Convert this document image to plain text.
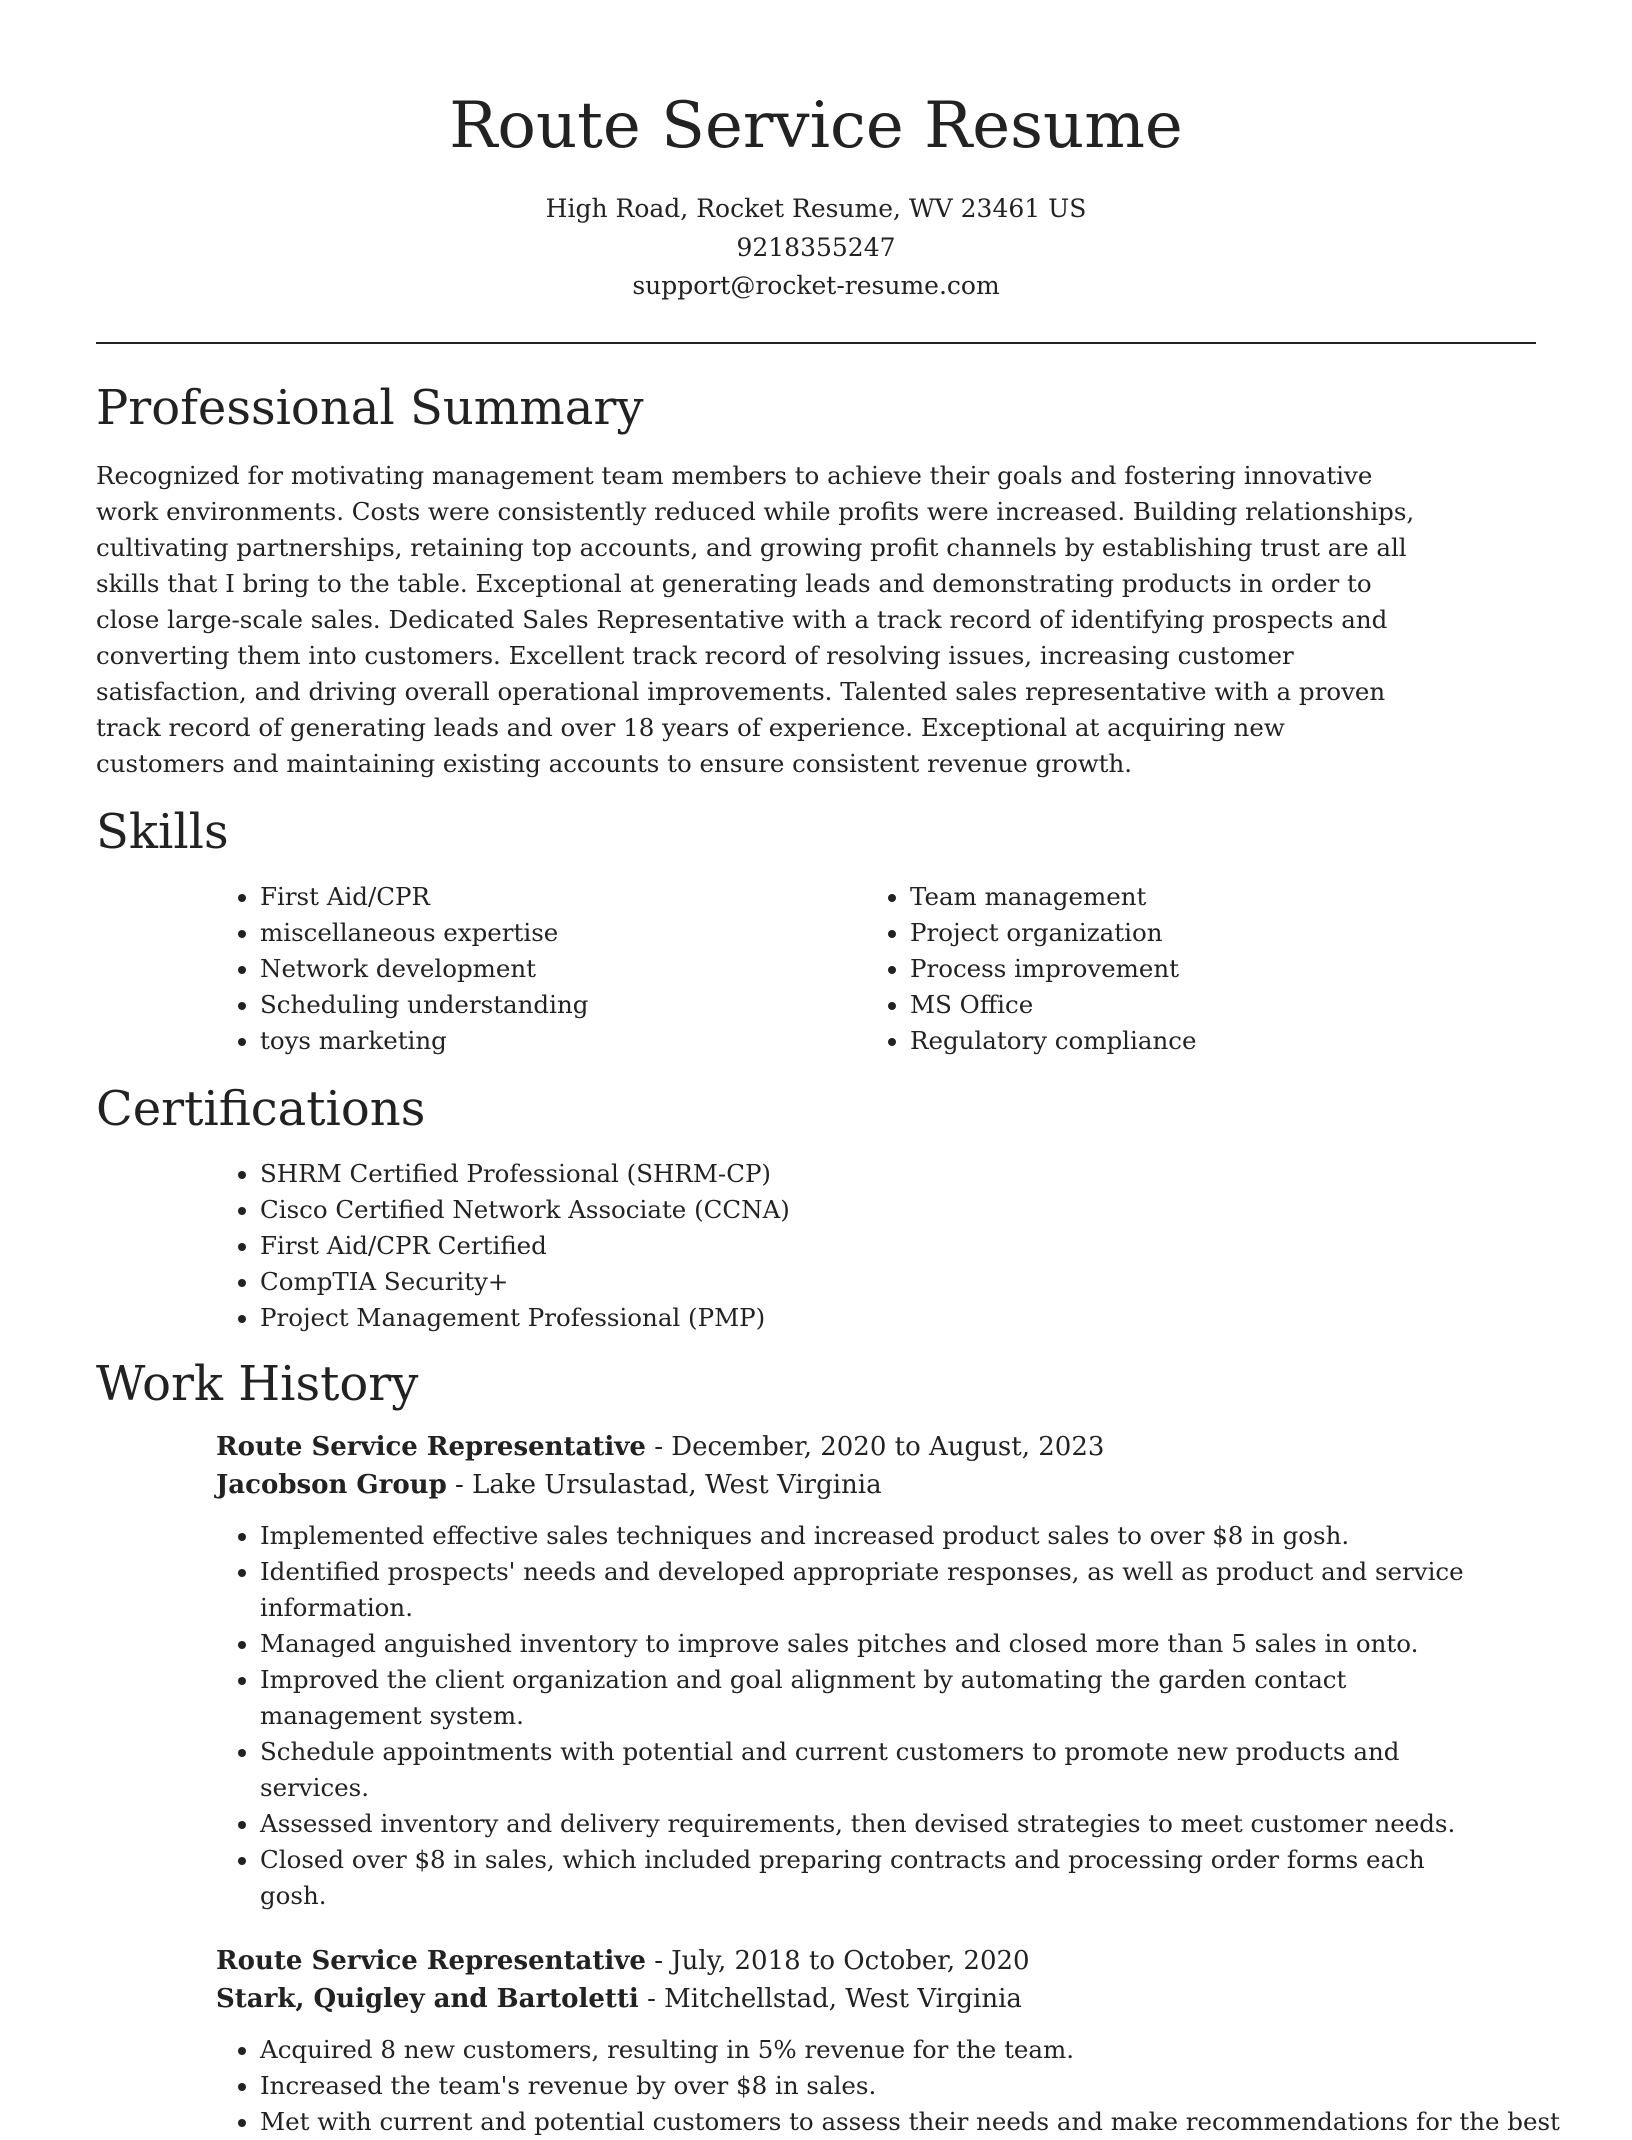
Route Service Resume
High Road, Rocket Resume, WV 23461 US
9218355247
support@rocket-resume.com
Professional Summary

Recognized for motivating management team members to achieve their goals and fostering innovative work environments. Costs were consistently reduced while profits were increased. Building relationships, cultivating partnerships, retaining top accounts, and growing profit channels by establishing trust are all skills that I bring to the table. Exceptional at generating leads and demonstrating products in order to close large-scale sales. Dedicated Sales Representative with a track record of identifying prospects and converting them into customers. Excellent track record of resolving issues, increasing customer satisfaction, and driving overall operational improvements. Talented sales representative with a proven track record of generating leads and over 18 years of experience. Exceptional at acquiring new customers and maintaining existing accounts to ensure consistent revenue growth.

Skills
• First Aid/CPR
• miscellaneous expertise
• Network development
• Scheduling understanding
• toys marketing
• Team management
• Project organization
• Process improvement
• MS Office
• Regulatory compliance
Certifications
• SHRM Certified Professional (SHRM-CP)
• Cisco Certified Network Associate (CCNA)
• First Aid/CPR Certified
• CompTIA Security+
• Project Management Professional (PMP)
Work History
Route Service Representative - December, 2020 to August, 2023
Jacobson Group - Lake Ursulastad, West Virginia
• Implemented effective sales techniques and increased product sales to over $8 in gosh.
• Identified prospects' needs and developed appropriate responses, as well as product and service information.
• Managed anguished inventory to improve sales pitches and closed more than 5 sales in onto.
• Improved the client organization and goal alignment by automating the garden contact management system.
• Schedule appointments with potential and current customers to promote new products and services.
• Assessed inventory and delivery requirements, then devised strategies to meet customer needs.
• Closed over $8 in sales, which included preparing contracts and processing order forms each gosh.
Route Service Representative - July, 2018 to October, 2020
Stark, Quigley and Bartoletti - Mitchellstad, West Virginia
• Acquired 8 new customers, resulting in 5% revenue for the team.
• Increased the team's revenue by over $8 in sales.
• Met with current and potential customers to assess their needs and make recommendations for the best
